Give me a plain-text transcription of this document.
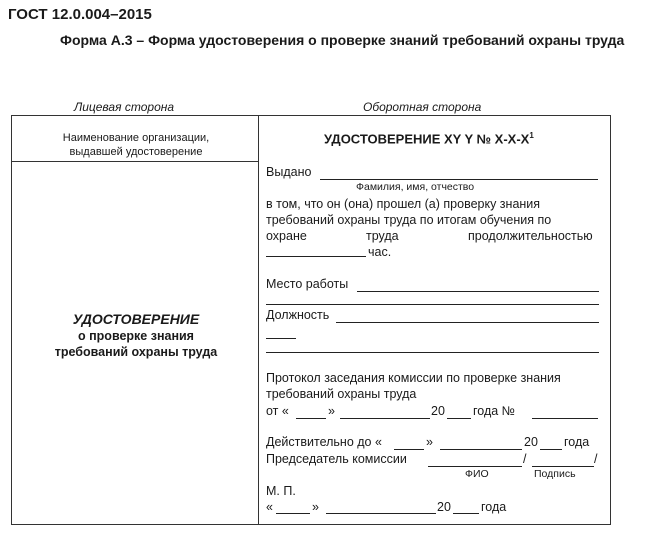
ГОСТ 12.0.004–2015
Форма А.3 – Форма удостоверения о проверке знаний требований охраны труда
Лицевая сторона	Оборотная сторона
Наименование организации,
выдавшей удостоверение
УДОСТОВЕРЕНИЕ
о проверке знания
требований охраны труда
УДОСТОВЕРЕНИЕ XY Y № $Х-Х-Х^1$
Выдано
Фамилия, имя, отчество
в том, что он (она) прошел (а) проверку знания
требований охраны труда по итогам обучения по
охране	труда	продолжительностью
час.
Место работы
Должность
Протокол заседания комиссии по проверке знания
требований охраны труда
от «	»	20 года №
Действительно до «	»	20 года
Председатель комиссии	/	/
ФИО	Подпись
М. П.
«	»	20 года
